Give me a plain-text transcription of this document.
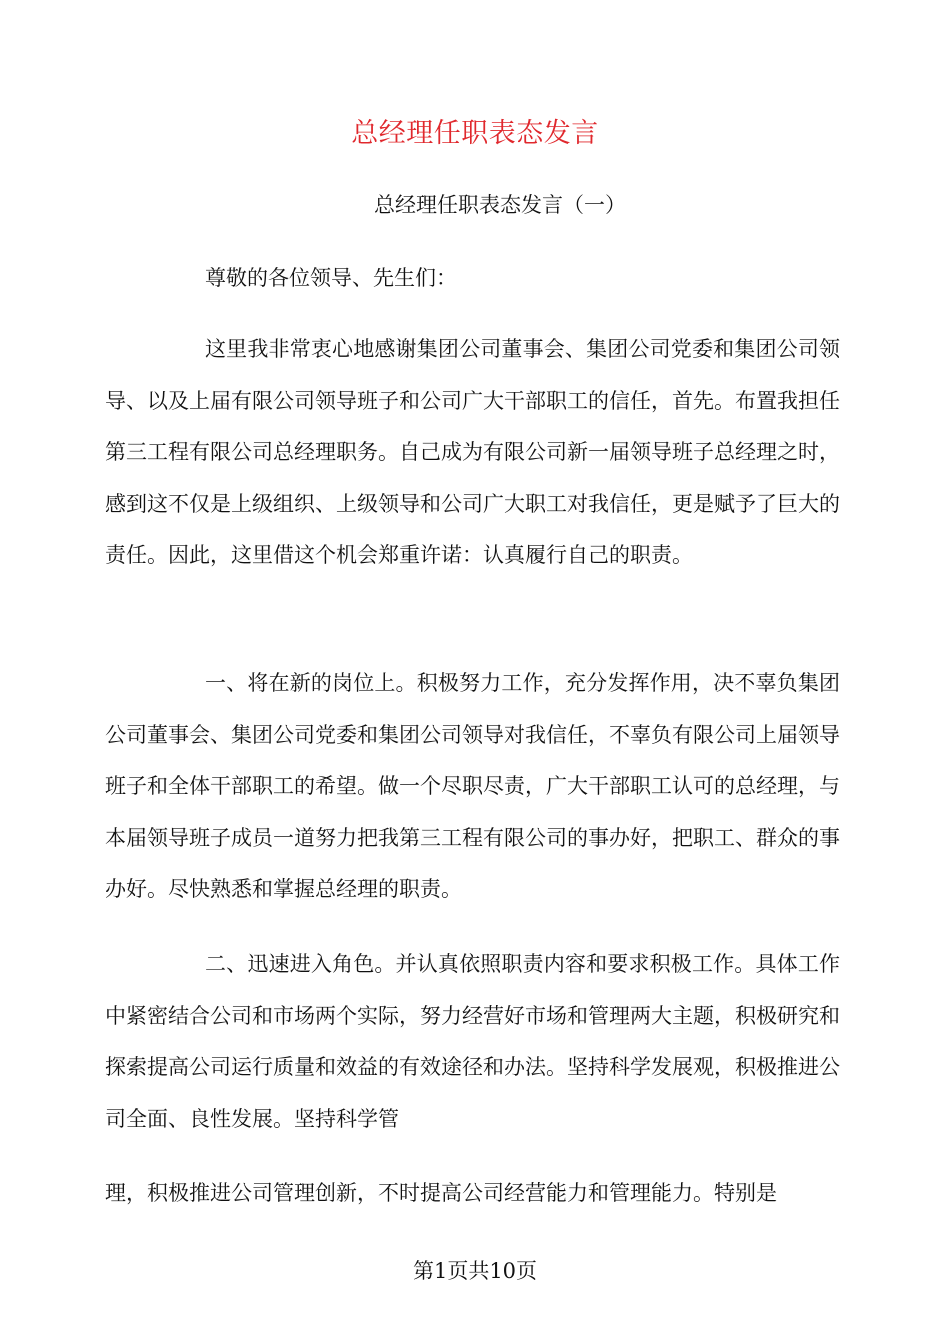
总经理任职表态发言
总经理任职表态发言（一）
尊敬的各位领导、先生们：

这里我非常衷心地感谢集团公司董事会、集团公司党委和集团公司领导、以及上届有限公司领导班子和公司广大干部职工的信任，首先。布置我担任第三工程有限公司总经理职务。自己成为有限公司新一届领导班子总经理之时，感到这不仅是上级组织、上级领导和公司广大职工对我信任，更是赋予了巨大的责任。因此，这里借这个机会郑重许诺：认真履行自己的职责。

一、将在新的岗位上。积极努力工作，充分发挥作用，决不辜负集团公司董事会、集团公司党委和集团公司领导对我信任，不辜负有限公司上届领导班子和全体干部职工的希望。做一个尽职尽责，广大干部职工认可的总经理，与本届领导班子成员一道努力把我第三工程有限公司的事办好，把职工、群众的事办好。尽快熟悉和掌握总经理的职责。

二、迅速进入角色。并认真依照职责内容和要求积极工作。具体工作中紧密结合公司和市场两个实际，努力经营好市场和管理两大主题，积极研究和探索提高公司运行质量和效益的有效途径和办法。坚持科学发展观，积极推进公司全面、良性发展。坚持科学管

理，积极推进公司管理创新，不时提高公司经营能力和管理能力。特别是

第1页共10页
